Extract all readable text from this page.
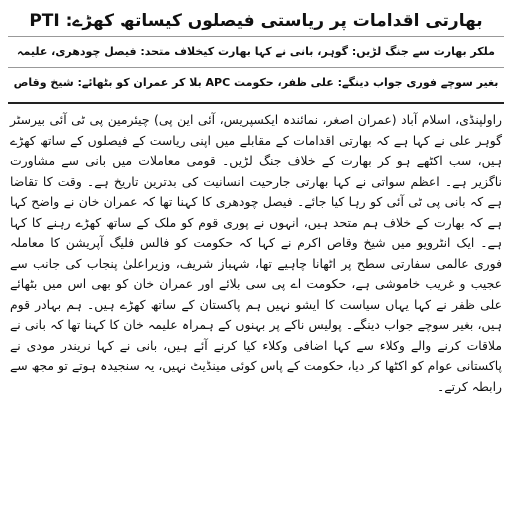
بھارتی اقدامات پر ریاستی فیصلوں کیساتھ کھڑے: PTI
ملکر بھارت سے جنگ لڑیں: گوہر، بانی نے کہا بھارت کیخلاف متحد: فیصل چودھری، علیمہ
بغیر سوچے فوری جواب دینگے: علی ظفر، حکومت APC بلا کر عمران کو بٹھائے: شیخ وقاص

راولپنڈی، اسلام آباد (عمران اصغر، نمائندہ ایکسپریس، آئی این پی) چیئرمین پی ٹی آئی بیرسٹر گوہر علی نے کہا ہے کہ بھارتی اقدامات کے مقابلے میں اپنی ریاست کے فیصلوں کے ساتھ کھڑے ہیں، سب اکٹھے ہو کر بھارت کے خلاف جنگ لڑیں۔ قومی معاملات میں بانی سے مشاورت ناگزیر ہے۔ اعظم سواتی نے کہا بھارتی جارحیت انسانیت کی بدترین تاریخ ہے۔ وقت کا تقاضا ہے کہ بانی پی ٹی آئی کو رہا کیا جائے۔ فیصل چودھری کا کہنا تھا کہ عمران خان نے واضح کہا ہے کہ بھارت کے خلاف ہم متحد ہیں، انہوں نے پوری قوم کو ملک کے ساتھ کھڑے رہنے کا کہا ہے۔ ایک انٹرویو میں شیخ وقاص اکرم نے کہا کہ حکومت کو فالس فلیگ آپریشن کا معاملہ فوری عالمی سفارتی سطح پر اٹھانا چاہیے تھا، شہباز شریف، وزیراعلیٰ پنجاب کی جانب سے عجیب و غریب خاموشی ہے، حکومت اے پی سی بلائے اور عمران خان کو بھی اس میں بٹھائے علی ظفر نے کہا یہاں سیاست کا ایشو نہیں ہم پاکستان کے ساتھ کھڑے ہیں۔ ہم بہادر قوم ہیں، بغیر سوچے جواب دینگے۔ پولیس ناکے پر بہنوں کے ہمراہ علیمہ خان کا کہنا تھا کہ بانی نے ملاقات کرنے والے وکلاء سے کہا اضافی وکلاء کیا کرنے آئے ہیں، بانی نے کہا نریندر مودی نے پاکستانی عوام کو اکٹھا کر دیا، حکومت کے پاس کوئی مینڈیٹ نہیں، یہ سنجیدہ ہوتے تو مجھ سے رابطہ کرتے۔
